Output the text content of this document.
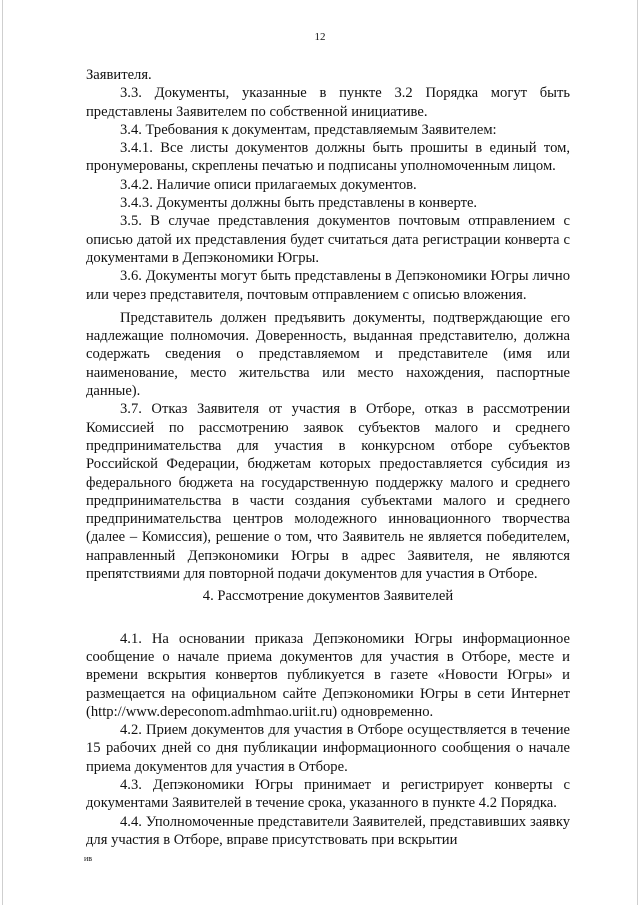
12

Заявителя.

3.3. Документы, указанные в пункте 3.2 Порядка могут быть представлены Заявителем по собственной инициативе.

3.4. Требования к документам, представляемым Заявителем:

3.4.1. Все листы документов должны быть прошиты в единый том, пронумерованы, скреплены печатью и подписаны уполномоченным лицом.

3.4.2. Наличие описи прилагаемых документов.

3.4.3. Документы должны быть представлены в конверте.

3.5. В случае представления документов почтовым отправлением с описью датой их представления будет считаться дата регистрации конверта с документами в Депэкономики Югры.

3.6. Документы могут быть представлены в Депэкономики Югры лично или через представителя, почтовым отправлением с описью вложения.

Представитель должен предъявить документы, подтверждающие его надлежащие полномочия. Доверенность, выданная представителю, должна содержать сведения о представляемом и представителе (имя или наименование, место жительства или место нахождения, паспортные данные).

3.7. Отказ Заявителя от участия в Отборе, отказ в рассмотрении Комиссией по рассмотрению заявок субъектов малого и среднего предпринимательства для участия в конкурсном отборе субъектов Российской Федерации, бюджетам которых предоставляется субсидия из федерального бюджета на государственную поддержку малого и среднего предпринимательства в части создания субъектами малого и среднего предпринимательства центров молодежного инновационного творчества (далее – Комиссия), решение о том, что Заявитель не является победителем, направленный Депэкономики Югры в адрес Заявителя, не являются препятствиями для повторной подачи документов для участия в Отборе.

4. Рассмотрение документов Заявителей

4.1. На основании приказа Депэкономики Югры информационное сообщение о начале приема документов для участия в Отборе, месте и времени вскрытия конвертов публикуется в газете «Новости Югры» и размещается на официальном сайте Депэкономики Югры в сети Интернет (http://www.depeconom.admhmao.uriit.ru) одновременно.

4.2. Прием документов для участия в Отборе осуществляется в течение 15 рабочих дней со дня публикации информационного сообщения о начале приема документов для участия в Отборе.

4.3. Депэкономики Югры принимает и регистрирует конверты с документами Заявителей в течение срока, указанного в пункте 4.2 Порядка.

4.4. Уполномоченные представители Заявителей, представивших заявку для участия в Отборе, вправе присутствовать при вскрытии

ив
